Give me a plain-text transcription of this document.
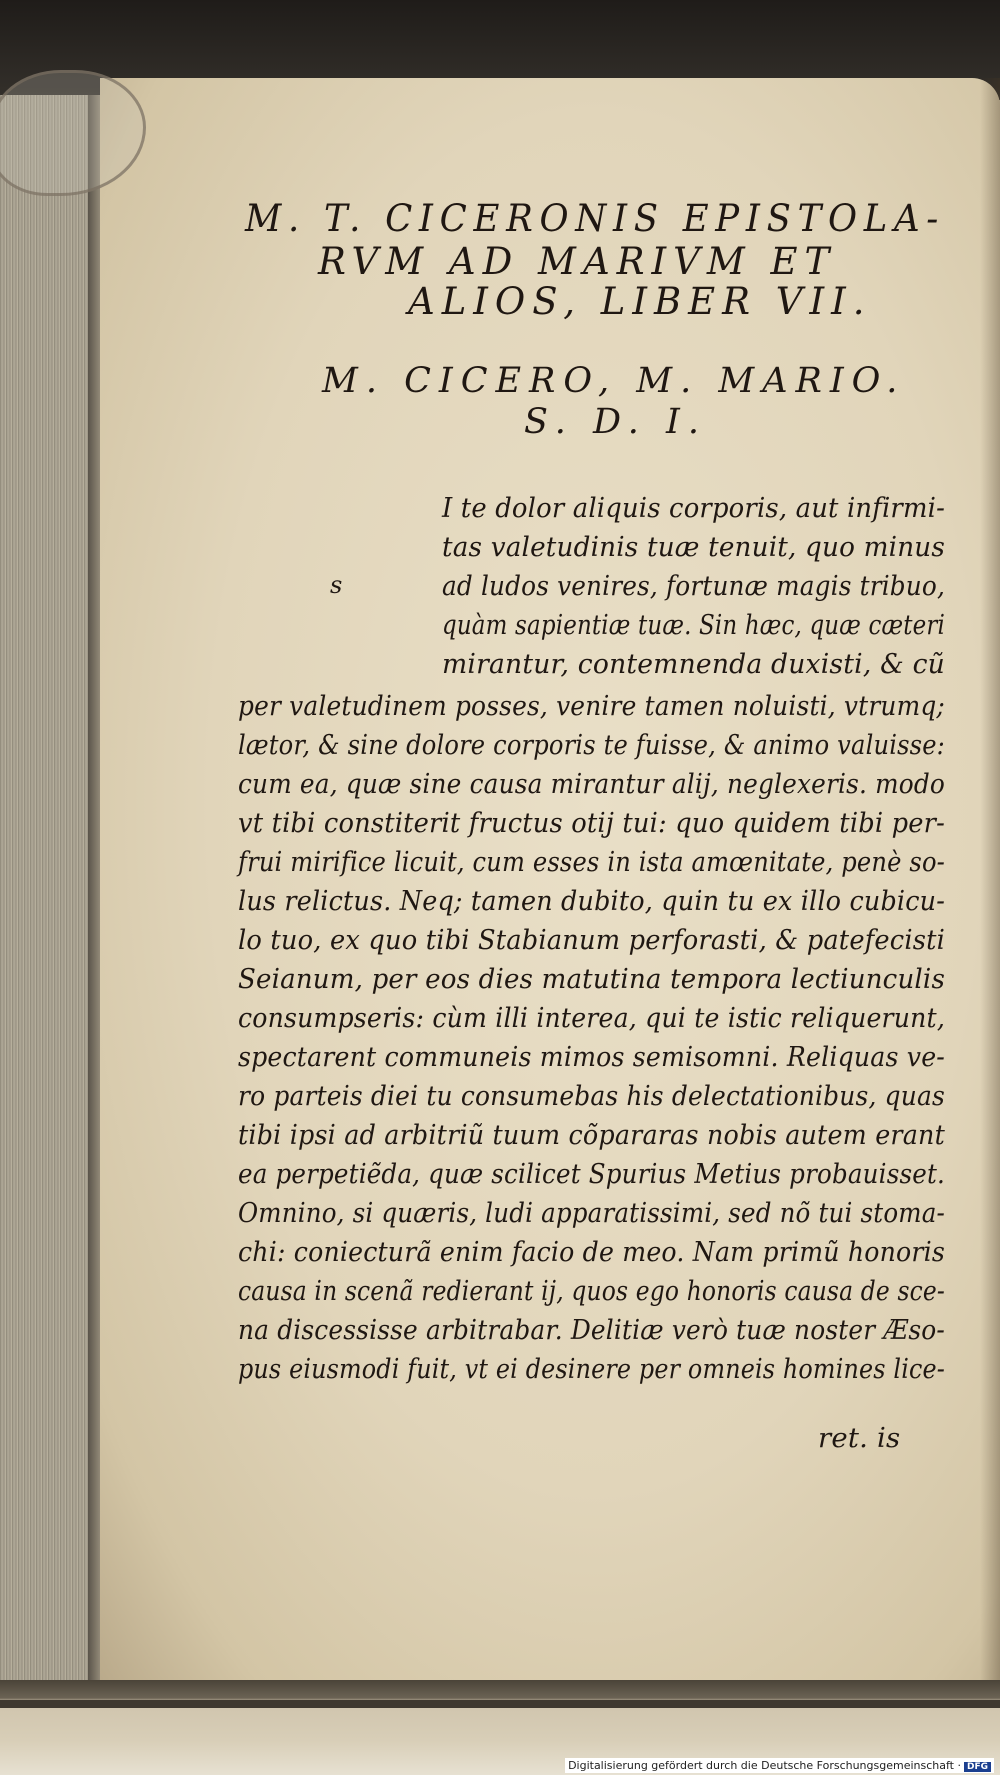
M. T. CICERONIS EPISTOLA-
RVM AD MARIVM ET
ALIOS, LIBER VII.
M. CICERO, M. MARIO.
S. D. I.
s
I te dolor aliquis corporis, aut infirmi-
tas valetudinis tuæ tenuit, quo minus
ad ludos venires, fortunæ magis tribuo,
quàm sapientiæ tuæ. Sin hæc, quæ cæteri
mirantur, contemnenda duxisti, & cũ
per valetudinem posses, venire tamen noluisti, vtrumq;
lætor, & sine dolore corporis te fuisse, & animo valuisse:
cum ea, quæ sine causa mirantur alij, neglexeris. modo
vt tibi constiterit fructus otij tui: quo quidem tibi per-
frui mirifice licuit, cum esses in ista amœnitate, penè so-
lus relictus. Neq; tamen dubito, quin tu ex illo cubicu-
lo tuo, ex quo tibi Stabianum perforasti, & patefecisti
Seianum, per eos dies matutina tempora lectiunculis
consumpseris: cùm illi interea, qui te istic reliquerunt,
spectarent communeis mimos semisomni. Reliquas ve-
ro parteis diei tu consumebas his delectationibus, quas
tibi ipsi ad arbitriũ tuum cõpararas nobis autem erant
ea perpetiẽda, quæ scilicet Spurius Metius probauisset.
Omnino, si quæris, ludi apparatissimi, sed nõ tui stoma-
chi: coniecturã enim facio de meo. Nam primũ honoris
causa in scenã redierant ij, quos ego honoris causa de sce-
na discessisse arbitrabar. Delitiæ verò tuæ noster Æso-
pus eiusmodi fuit, vt ei desinere per omneis homines lice-
ret. is
Digitalisierung gefördert durch die Deutsche Forschungsgemeinschaft · DFG
